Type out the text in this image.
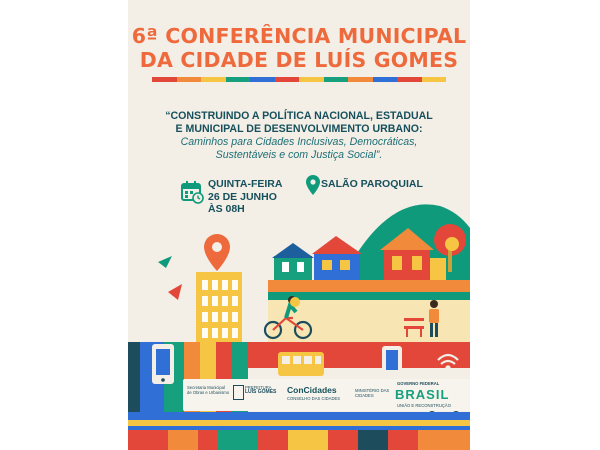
6ª CONFERÊNCIA MUNICIPAL
DA CIDADE DE LUÍS GOMES
“CONSTRUINDO A POLÍTICA NACIONAL, ESTADUAL
E MUNICIPAL DE DESENVOLVIMENTO URBANO:
Caminhos para Cidades Inclusivas, Democráticas,
Sustentáveis e com Justiça Social”.
QUINTA-FEIRA
26 DE JUNHO
ÀS 08H
SALÃO PAROQUIAL
Secretaria Municipal
de Obras e Urbanismo
PREFEITURA
LUÍS GOMES	ConCidades
CONSELHO DAS CIDADES
MINISTÉRIO DAS
CIDADES
GOVERNO FEDERAL
BRASIL
UNIÃO E RECONSTRUÇÃO
